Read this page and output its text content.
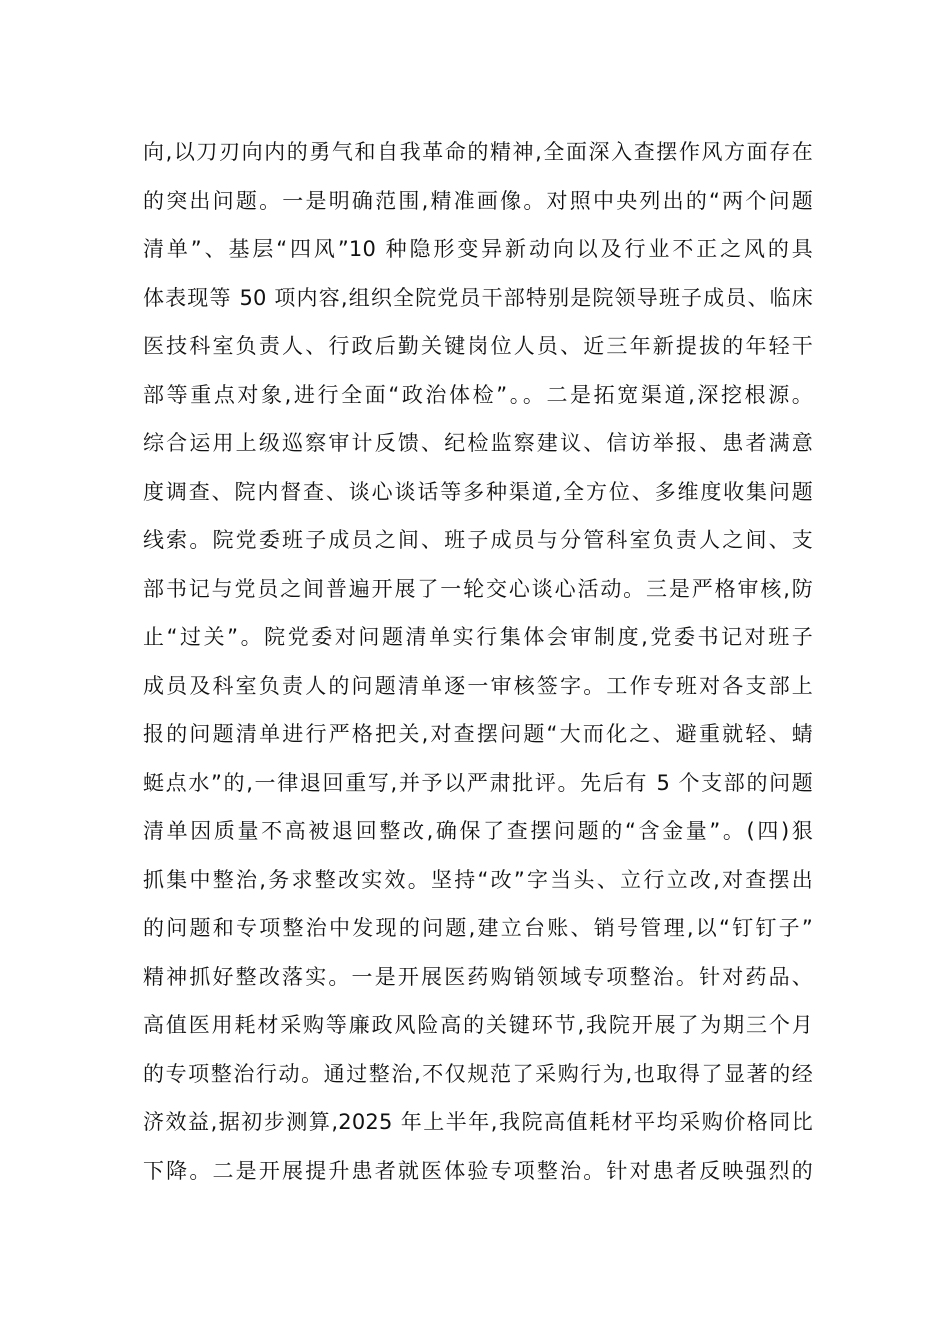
向,以刀刃向内的勇气和自我革命的精神,全面深入查摆作风方面存在
的突出问题。一是明确范围,精准画像。对照中央列出的“两个问题
清单”、基层“四风”10 种隐形变异新动向以及行业不正之风的具
体表现等 50 项内容,组织全院党员干部特别是院领导班子成员、临床
医技科室负责人、行政后勤关键岗位人员、近三年新提拔的年轻干
部等重点对象,进行全面“政治体检”。。二是拓宽渠道,深挖根源。
综合运用上级巡察审计反馈、纪检监察建议、信访举报、患者满意
度调查、院内督查、谈心谈话等多种渠道,全方位、多维度收集问题
线索。院党委班子成员之间、班子成员与分管科室负责人之间、支
部书记与党员之间普遍开展了一轮交心谈心活动。三是严格审核,防
止“过关”。院党委对问题清单实行集体会审制度,党委书记对班子
成员及科室负责人的问题清单逐一审核签字。工作专班对各支部上
报的问题清单进行严格把关,对查摆问题“大而化之、避重就轻、蜻
蜓点水”的,一律退回重写,并予以严肃批评。先后有 5 个支部的问题
清单因质量不高被退回整改,确保了查摆问题的“含金量”。(四)狠
抓集中整治,务求整改实效。坚持“改”字当头、立行立改,对查摆出
的问题和专项整治中发现的问题,建立台账、销号管理,以“钉钉子”
精神抓好整改落实。一是开展医药购销领域专项整治。针对药品、
高值医用耗材采购等廉政风险高的关键环节,我院开展了为期三个月
的专项整治行动。通过整治,不仅规范了采购行为,也取得了显著的经
济效益,据初步测算,2025 年上半年,我院高值耗材平均采购价格同比
下降。二是开展提升患者就医体验专项整治。针对患者反映强烈的
